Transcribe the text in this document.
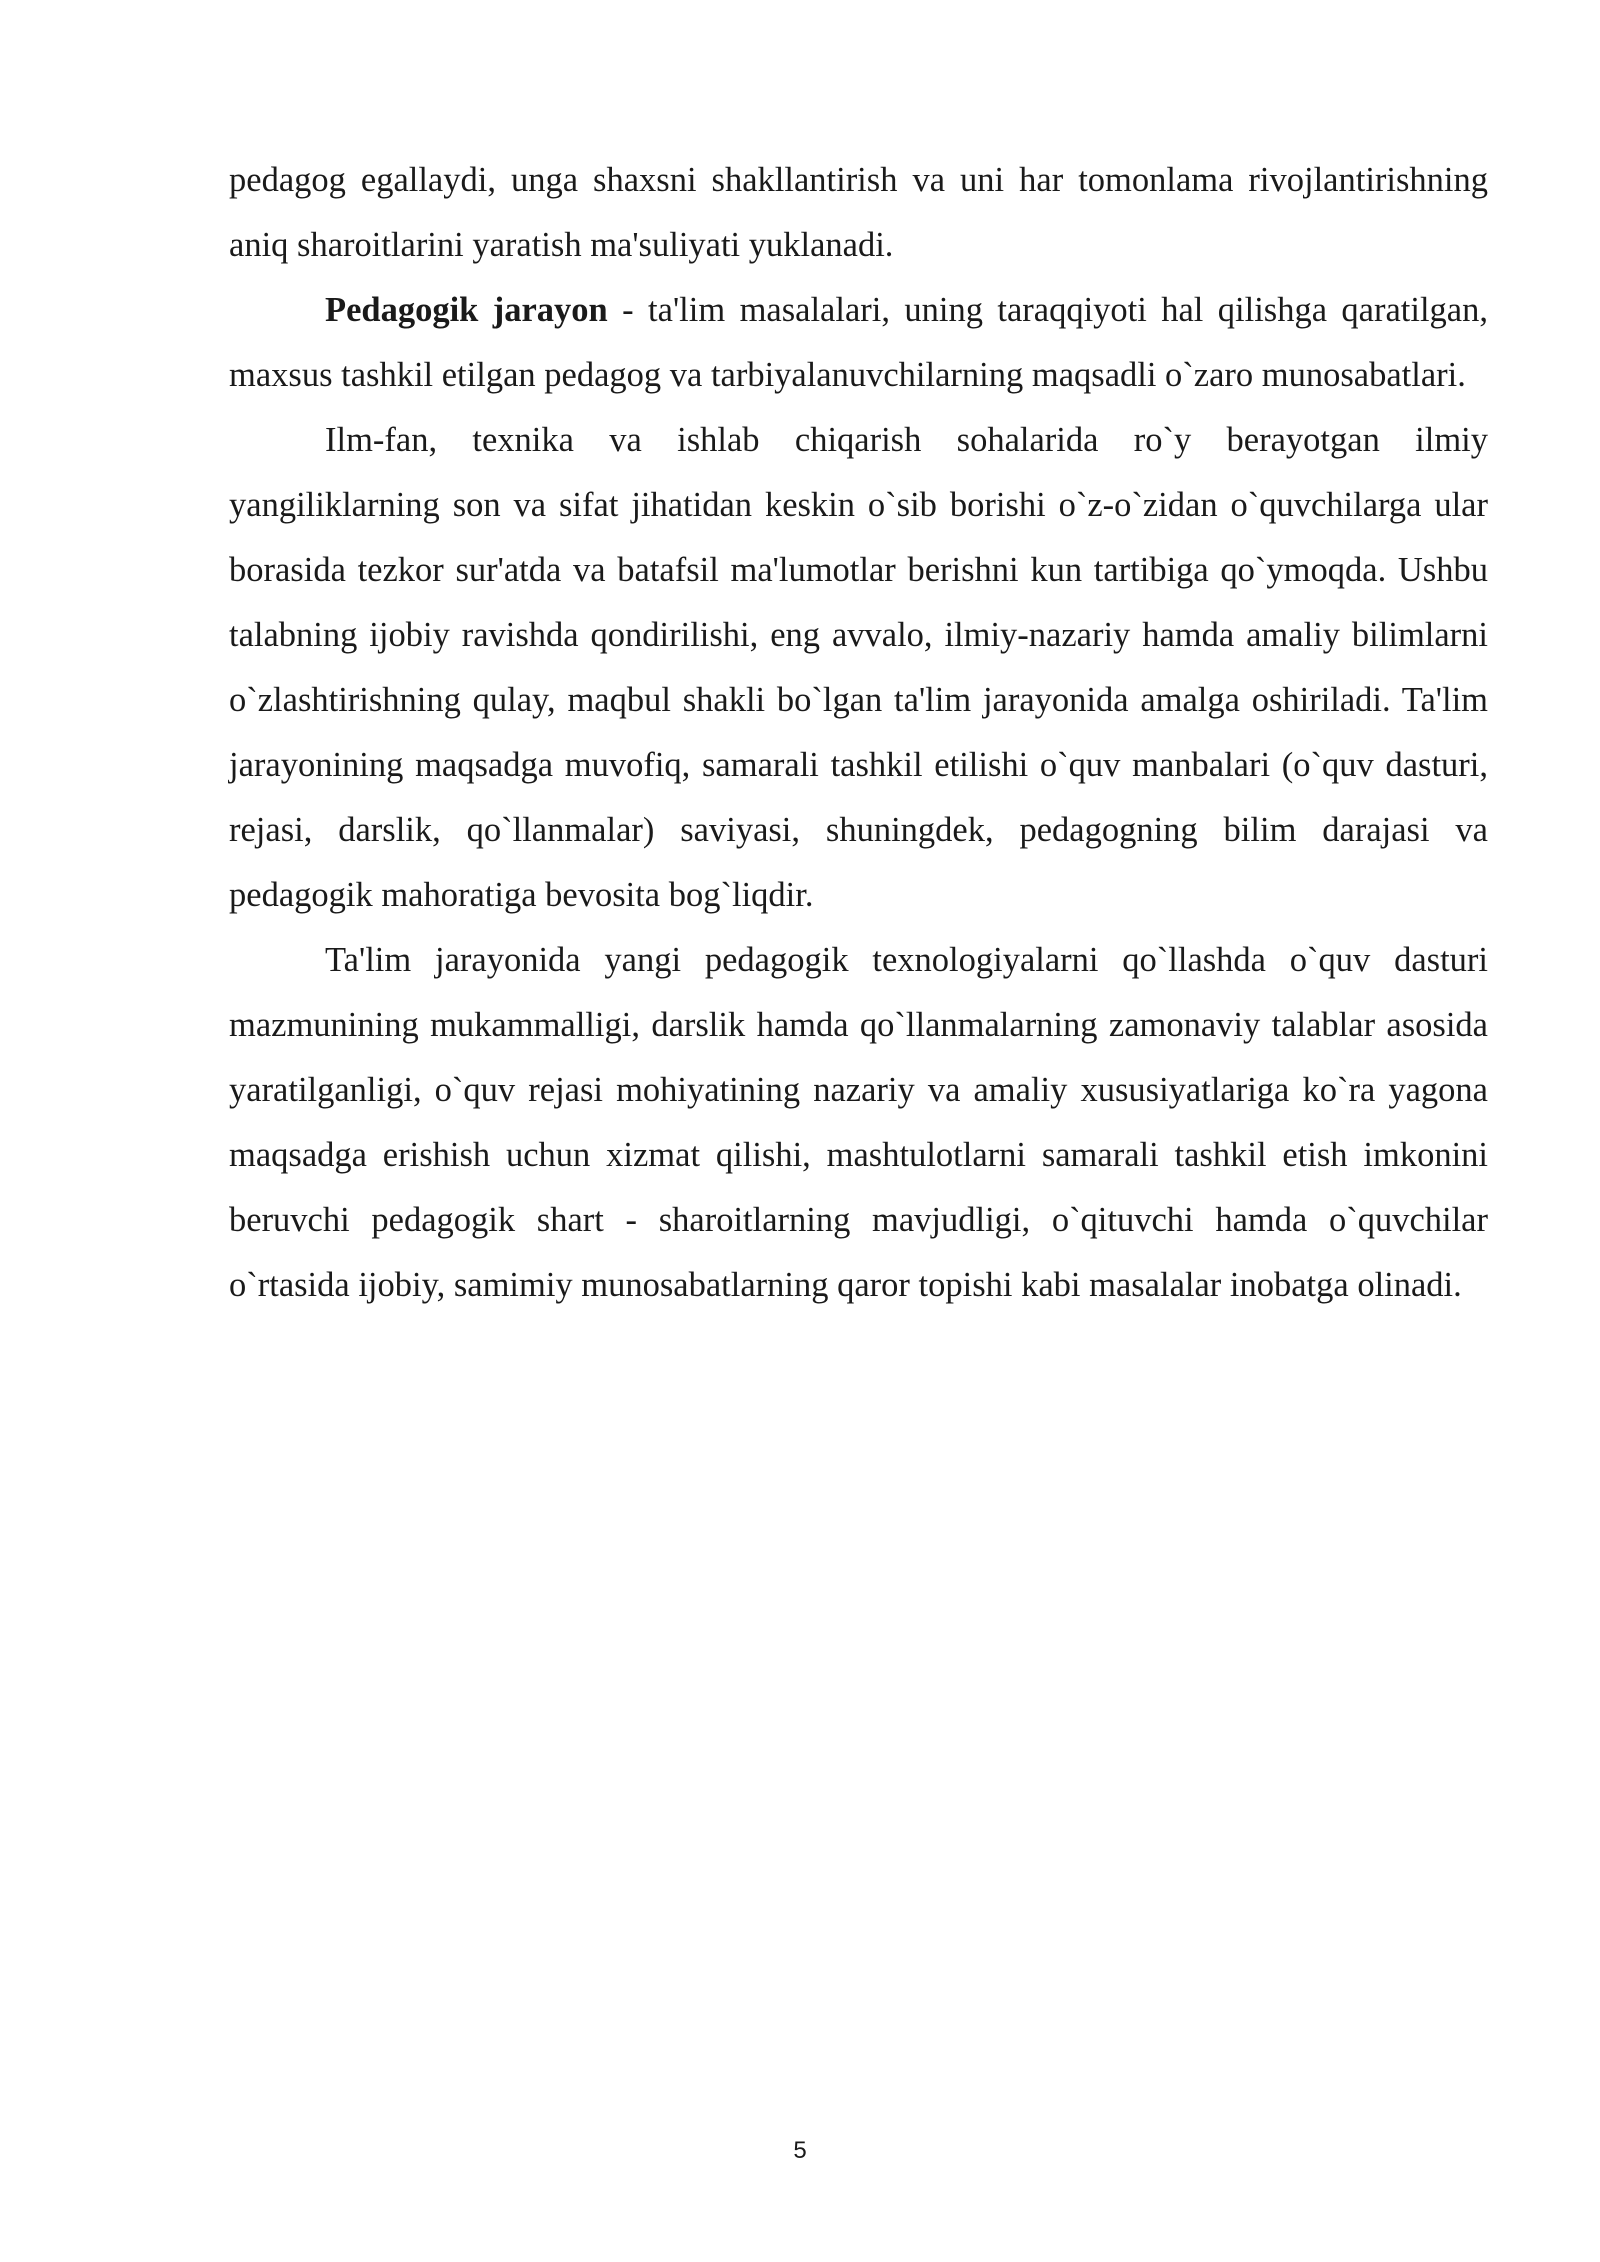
pedagog egallaydi, unga shaxsni shakllantirish va uni har tomonlama rivojlantirishning aniq sharoitlarini yaratish ma'suliyati yuklanadi.

Pedagogik jarayon - ta'lim masalalari, uning taraqqiyoti hal qilishga qaratilgan, maxsus tashkil etilgan pedagog va tarbiyalanuvchilarning maqsadli o`zaro munosabatlari.

Ilm-fan, texnika va ishlab chiqarish sohalarida ro`y berayotgan ilmiy yangiliklarning son va sifat jihatidan keskin o`sib borishi o`z-o`zidan o`quvchilarga ular borasida tezkor sur'atda va batafsil ma'lumotlar berishni kun tartibiga qo`ymoqda. Ushbu talabning ijobiy ravishda qondirilishi, eng avvalo, ilmiy-nazariy hamda amaliy bilimlarni o`zlashtirishning qulay, maqbul shakli bo`lgan ta'lim jarayonida amalga oshiriladi. Ta'lim jarayonining maqsadga muvofiq, samarali tashkil etilishi o`quv manbalari (o`quv dasturi, rejasi, darslik, qo`llanmalar) saviyasi, shuningdek, pedagogning bilim darajasi va pedagogik mahoratiga bevosita bog`liqdir.

Ta'lim jarayonida yangi pedagogik texnologiyalarni qo`llashda o`quv dasturi mazmunining mukammalligi, darslik hamda qo`llanmalarning zamonaviy talablar asosida yaratilganligi, o`quv rejasi mohiyatining nazariy va amaliy xususiyatlariga ko`ra yagona maqsadga erishish uchun xizmat qilishi, mashtulotlarni samarali tashkil etish imkonini beruvchi pedagogik shart - sharoitlarning mavjudligi, o`qituvchi hamda o`quvchilar o`rtasida ijobiy, samimiy munosabatlarning qaror topishi kabi masalalar inobatga olinadi.

5
